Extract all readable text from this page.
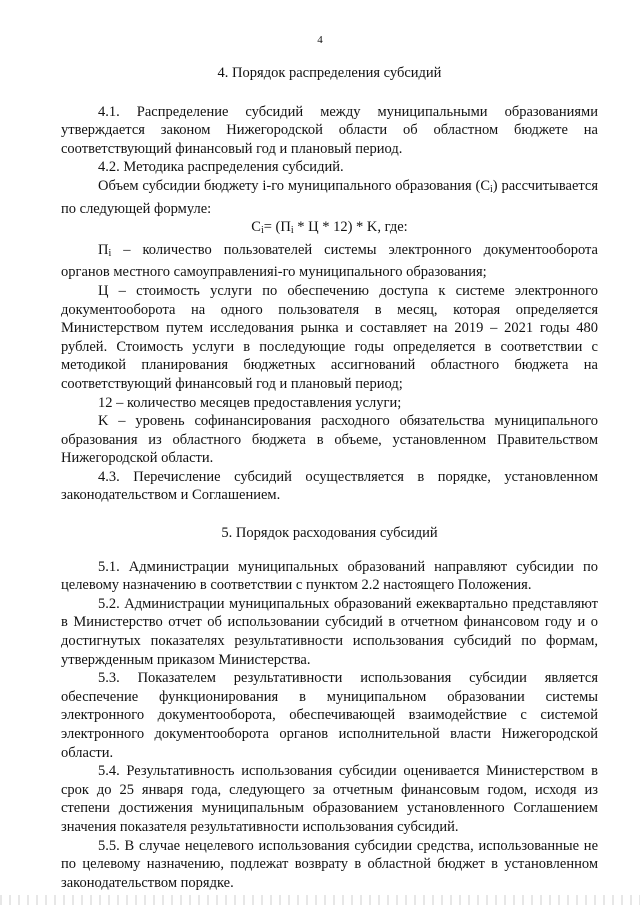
4
4. Порядок распределения субсидий

4.1. Распределение субсидий между муниципальными образованиями утверждается законом Нижегородской области об областном бюджете на соответствующий финансовый год и плановый период.

4.2. Методика распределения субсидий.

Объем субсидии бюджету i-го муниципального образования $(C_i)$ рассчитывается по следующей формуле:

$C_i= (П_i * Ц * 12) * K$, где:

$П_i$ – количество пользователей системы электронного документооборота органов местного самоуправленияi-го муниципального образования;

Ц – стоимость услуги по обеспечению доступа к системе электронного документооборота на одного пользователя в месяц, которая определяется Министерством путем исследования рынка и составляет на 2019 – 2021 годы 480 рублей. Стоимость услуги в последующие годы определяется в соответствии с методикой планирования бюджетных ассигнований областного бюджета на соответствующий финансовый год и плановый период;

12 – количество месяцев предоставления услуги;

K – уровень софинансирования расходного обязательства муниципального образования из областного бюджета в объеме, установленном Правительством Нижегородской области.

4.3. Перечисление субсидий осуществляется в порядке, установленном законодательством и Соглашением.

5. Порядок расходования субсидий

5.1. Администрации муниципальных образований направляют субсидии по целевому назначению в соответствии с пунктом 2.2 настоящего Положения.

5.2. Администрации муниципальных образований ежеквартально представляют в Министерство отчет об использовании субсидий в отчетном финансовом году и о достигнутых показателях результативности использования субсидий по формам, утвержденным приказом Министерства.

5.3. Показателем результативности использования субсидии является обеспечение функционирования в муниципальном образовании системы электронного документооборота, обеспечивающей взаимодействие с системой электронного документооборота органов исполнительной власти Нижегородской области.

5.4. Результативность использования субсидии оценивается Министерством в срок до 25 января года, следующего за отчетным финансовым годом, исходя из степени достижения муниципальным образованием установленного Соглашением значения показателя результативности использования субсидий.

5.5. В случае нецелевого использования субсидии средства, использованные не по целевому назначению, подлежат возврату в областной бюджет в установленном законодательством порядке.
